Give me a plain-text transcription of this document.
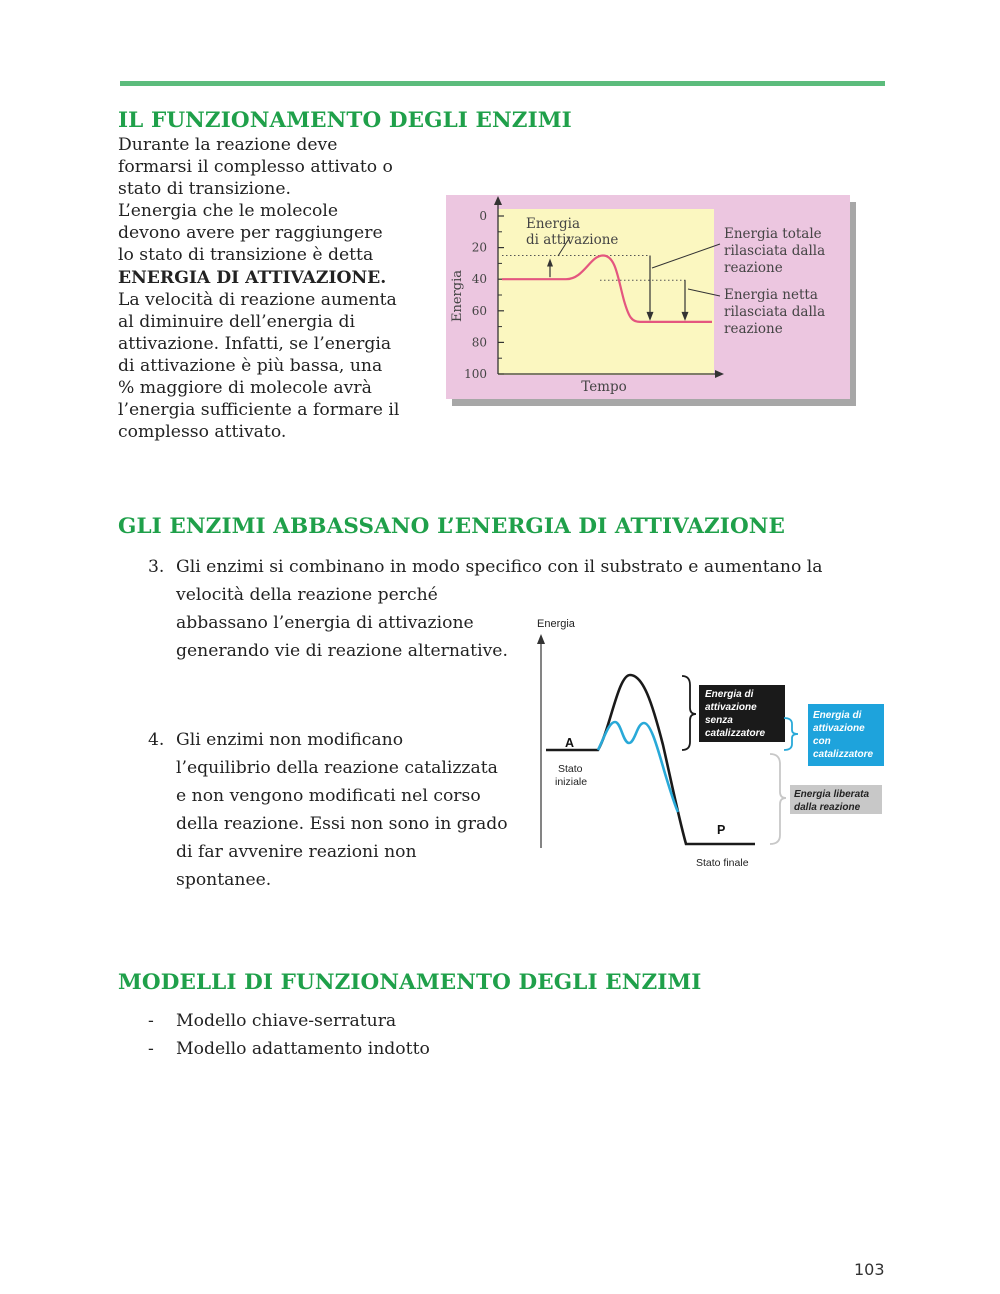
IL FUNZIONAMENTO DEGLI ENZIMI

Durante la reazione deve

formarsi il complesso attivato o

stato di transizione.

L’energia che le molecole

devono avere per raggiungere

lo stato di transizione è detta

ENERGIA DI ATTIVAZIONE.

La velocità di reazione aumenta

al diminuire dell’energia di

attivazione. Infatti, se l’energia

di attivazione è più bassa, una

% maggiore di molecole avrà

l’energia sufficiente a formare il

complesso attivato.

100
80
60
40
20
0
Energia
Tempo
Energia
di attivazione	Energia totale
rilasciata dalla
reazione
Energia netta
rilasciata dalla
reazione
GLI ENZIMI ABBASSANO L’ENERGIA DI ATTIVAZIONE
3. Gli enzimi si combinano in modo specifico con il substrato e aumentano la
velocità della reazione perché
abbassano l’energia di attivazione
generando vie di reazione alternative.
4. Gli enzimi non modificano
l’equilibrio della reazione catalizzata
e non vengono modificati nel corso
della reazione. Essi non sono in grado
di far avvenire reazioni non
spontanee.
Energia
A
P
Stato
iniziale
Stato finale
Energia di
attivazione
senza
catalizzatore
Energia di
attivazione
con
catalizzatore
Energia liberata
dalla reazione
MODELLI DI FUNZIONAMENTO DEGLI ENZIMI
- Modello chiave-serratura
- Modello adattamento indotto
103
